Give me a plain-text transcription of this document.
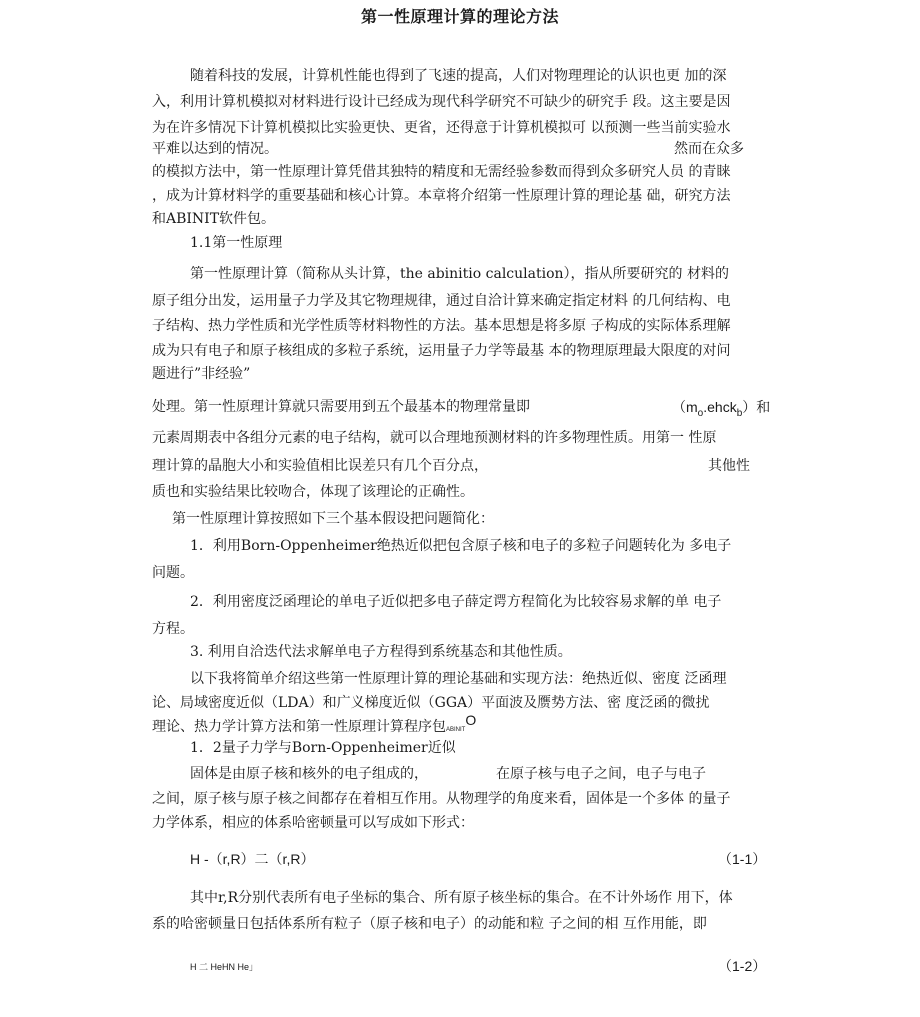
第一性原理计算的理论方法
随着科技的发展，计算机性能也得到了飞速的提高，人们对物理理论的认识也更 加的深
入，利用计算机模拟对材料进行设计已经成为现代科学研究不可缺少的研究手 段。这主要是因
为在许多情况下计算机模拟比实验更快、更省，还得意于计算机模拟可 以预测一些当前实验水
平难以达到的情况。	然而在众多
的模拟方法中，第一性原理计算凭借其独特的精度和无需经验参数而得到众多研究人员 的青睐
，成为计算材料学的重要基础和核心计算。本章将介绍第一性原理计算的理论基 础，研究方法
和ABINIT软件包。
1.1第一性原理
第一性原理计算（简称从头计算，the abinitio calculation），指从所要研究的 材料的
原子组分出发，运用量子力学及其它物理规律，通过自洽计算来确定指定材料 的几何结构、电
子结构、热力学性质和光学性质等材料物性的方法。基本思想是将多原 子构成的实际体系理解
成为只有电子和原子核组成的多粒子系统，运用量子力学等最基 本的物理原理最大限度的对问
题进行”非经验”
处理。第一性原理计算就只需要用到五个最基本的物理常量即	$(m_o.ehck_b)$和
元素周期表中各组分元素的电子结构，就可以合理地预测材料的许多物理性质。用第一 性原
理计算的晶胞大小和实验值相比误差只有几个百分点，	其他性
质也和实验结果比较吻合，体现了该理论的正确性。
第一性原理计算按照如下三个基本假设把问题简化：
1．利用Born-Oppenheimer绝热近似把包含原子核和电子的多粒子问题转化为 多电子
问题。
2．利用密度泛函理论的单电子近似把多电子薛定谔方程简化为比较容易求解的单 电子
方程。
3. 利用自洽迭代法求解单电子方程得到系统基态和其他性质。
以下我将简单介绍这些第一性原理计算的理论基础和实现方法：绝热近似、密度 泛函理
论、局域密度近似（LDA）和广义梯度近似（GGA）平面波及赝势方法、密 度泛函的微扰
理论、热力学计算方法和第一性原理计算程序包ABINITO
1．2量子力学与Born-Oppenheimer近似
固体是由原子核和核外的电子组成的，	在原子核与电子之间，电子与电子
之间，原子核与原子核之间都存在着相互作用。从物理学的角度来看，固体是一个多体 的量子
力学体系，相应的体系哈密顿量可以写成如下形式：
H -（r,R）二（r,R）	（1-1）
其中r,R分别代表所有电子坐标的集合、所有原子核坐标的集合。在不计外场作 用下，体
系的哈密顿量日包括体系所有粒子（原子核和电子）的动能和粒 子之间的相 互作用能，即
H 二 HeHN He」	（1-2）
